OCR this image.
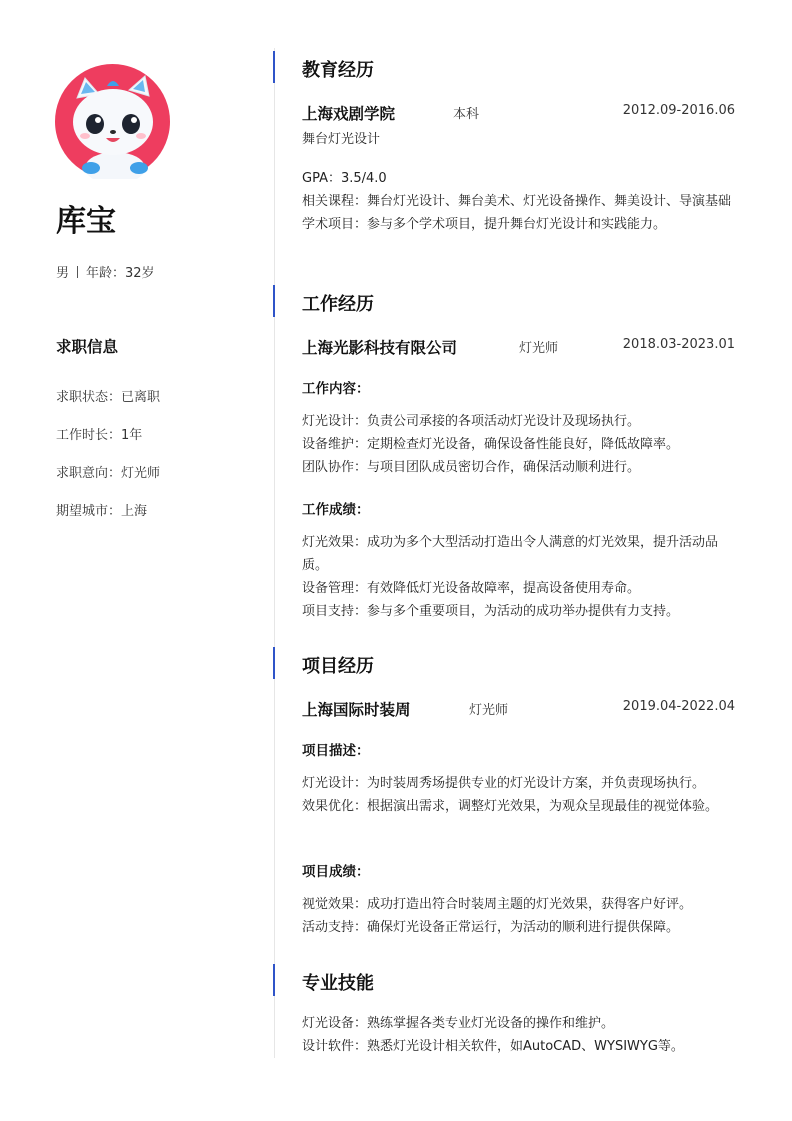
库宝
男 年龄：32岁
求职信息
求职状态：已离职
工作时长：1年
求职意向：灯光师
期望城市：上海
教育经历
上海戏剧学院	本科	2012.09-2016.06
舞台灯光设计
GPA：3.5/4.0
相关课程：舞台灯光设计、舞台美术、灯光设备操作、舞美设计、导演基础
学术项目：参与多个学术项目，提升舞台灯光设计和实践能力。
工作经历
上海光影科技有限公司	灯光师	2018.03-2023.01
工作内容：
灯光设计：负责公司承接的各项活动灯光设计及现场执行。
设备维护：定期检查灯光设备，确保设备性能良好，降低故障率。
团队协作：与项目团队成员密切合作，确保活动顺利进行。
工作成绩：
灯光效果：成功为多个大型活动打造出令人满意的灯光效果，提升活动品质。
设备管理：有效降低灯光设备故障率，提高设备使用寿命。
项目支持：参与多个重要项目，为活动的成功举办提供有力支持。
项目经历
上海国际时装周	灯光师	2019.04-2022.04
项目描述：
灯光设计：为时装周秀场提供专业的灯光设计方案，并负责现场执行。
效果优化：根据演出需求，调整灯光效果，为观众呈现最佳的视觉体验。
项目成绩：
视觉效果：成功打造出符合时装周主题的灯光效果，获得客户好评。
活动支持：确保灯光设备正常运行，为活动的顺利进行提供保障。
专业技能
灯光设备：熟练掌握各类专业灯光设备的操作和维护。
设计软件：熟悉灯光设计相关软件，如AutoCAD、WYSIWYG等。
